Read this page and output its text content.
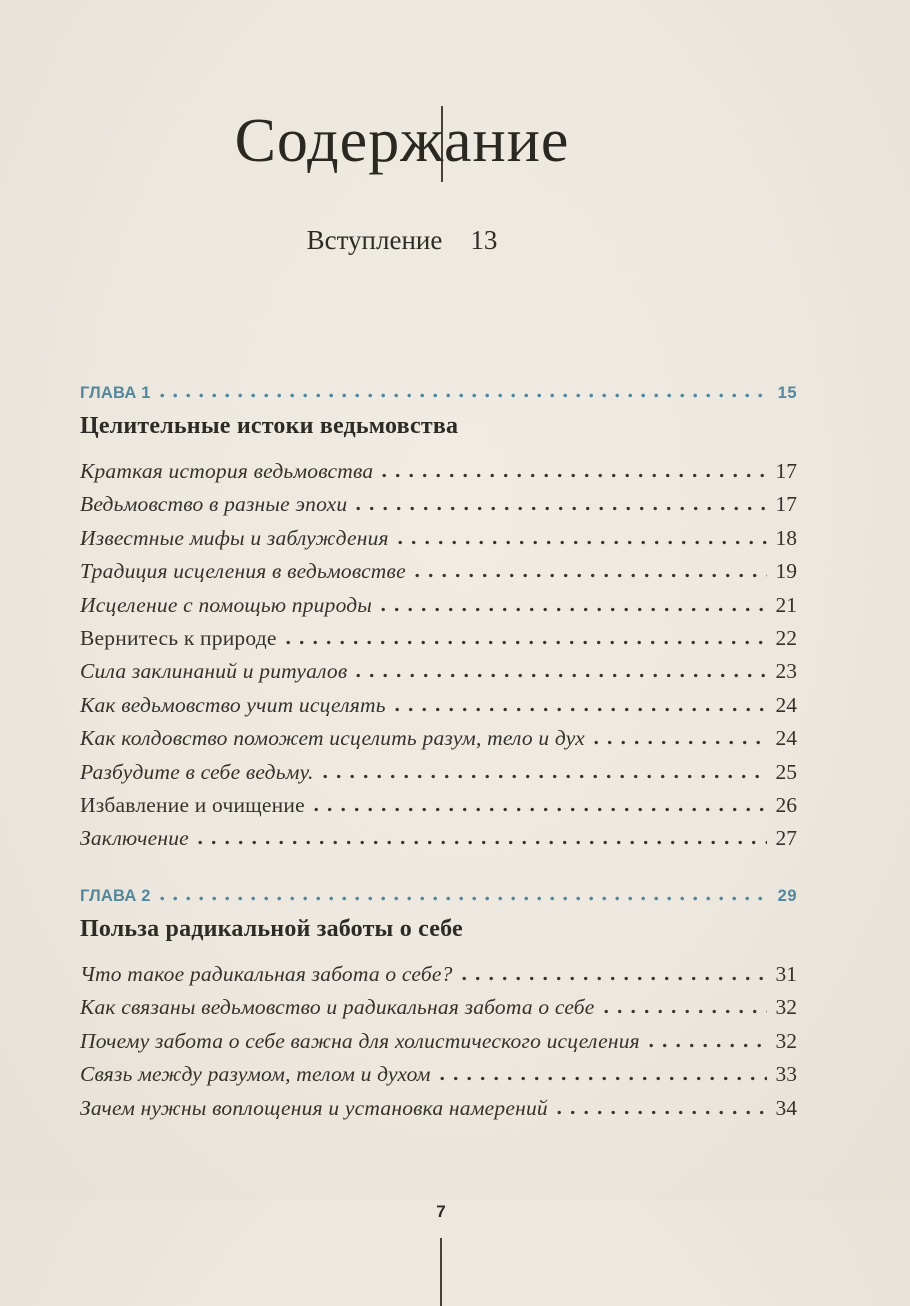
Содержание
Вступление 13
ГЛАВА 1	15
Целительные истоки ведьмовства
Краткая история ведьмовства	17
Ведьмовство в разные эпохи	17
Известные мифы и заблуждения	18
Традиция исцеления в ведьмовстве	19
Исцеление с помощью природы	21
Вернитесь к природе	22
Сила заклинаний и ритуалов	23
Как ведьмовство учит исцелять	24
Как колдовство поможет исцелить разум, тело и дух	24
Разбудите в себе ведьму.	25
Избавление и очищение	26
Заключение	27
ГЛАВА 2	29
Польза радикальной заботы о себе
Что такое радикальная забота о себе?	31
Как связаны ведьмовство и радикальная забота о себе	32
Почему забота о себе важна для холистического исцеления	32
Связь между разумом, телом и духом	33
Зачем нужны воплощения и установка намерений	34
7
